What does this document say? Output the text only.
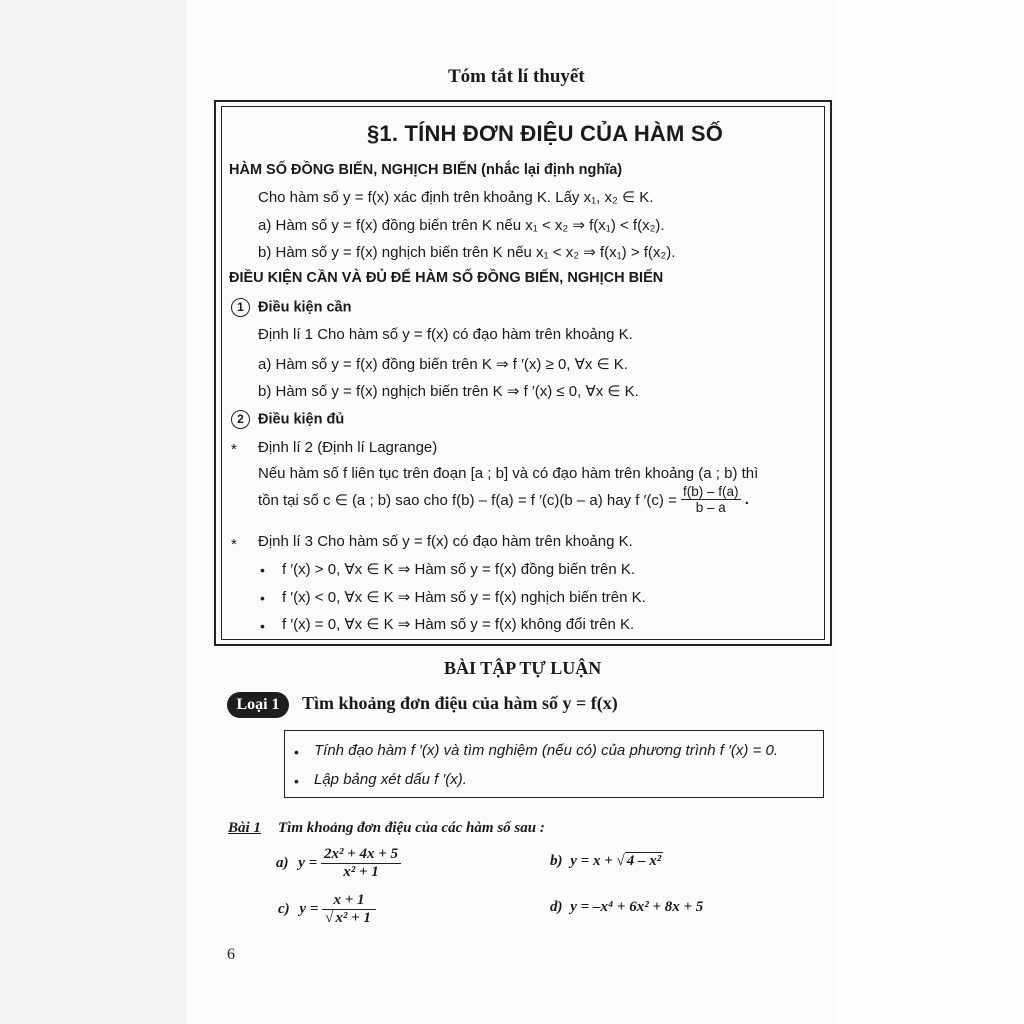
Tóm tắt lí thuyết
§1. TÍNH ĐƠN ĐIỆU CỦA HÀM SỐ
HÀM SỐ ĐỒNG BIẾN, NGHỊCH BIẾN (nhắc lại định nghĩa)
Cho hàm số y = f(x) xác định trên khoảng K. Lấy x₁, x₂ ∈ K.
a) Hàm số y = f(x) đồng biến trên K nếu x₁ < x₂ ⇒ f(x₁) < f(x₂).
b) Hàm số y = f(x) nghịch biến trên K nếu x₁ < x₂ ⇒ f(x₁) > f(x₂).
ĐIỀU KIỆN CẦN VÀ ĐỦ ĐỂ HÀM SỐ ĐỒNG BIẾN, NGHỊCH BIẾN
1 Điều kiện cần
Định lí 1 Cho hàm số y = f(x) có đạo hàm trên khoảng K.
a) Hàm số y = f(x) đồng biến trên K ⇒ f ′(x) ≥ 0, ∀x ∈ K.
b) Hàm số y = f(x) nghịch biến trên K ⇒ f ′(x) ≤ 0, ∀x ∈ K.
2 Điều kiện đủ
* Định lí 2 (Định lí Lagrange)
Nếu hàm số f liên tục trên đoạn [a ; b] và có đạo hàm trên khoảng (a ; b) thì
tồn tại số c ∈ (a ; b) sao cho f(b) – f(a) = f ′(c)(b – a) hay f $'(c) = \frac{f(b) - f(a)}{b - a}$ .
* Định lí 3 Cho hàm số y = f(x) có đạo hàm trên khoảng K.
• f ′(x) > 0, ∀x ∈ K ⇒ Hàm số y = f(x) đồng biến trên K.
• f ′(x) < 0, ∀x ∈ K ⇒ Hàm số y = f(x) nghịch biến trên K.
• f ′(x) = 0, ∀x ∈ K ⇒ Hàm số y = f(x) không đổi trên K.
BÀI TẬP TỰ LUẬN
Loại 1	Tìm khoảng đơn điệu của hàm số y = f(x)
• Tính đạo hàm f ′(x) và tìm nghiệm (nếu có) của phương trình f ′(x) = 0.
• Lập bảng xét dấu f ′(x).
Bài 1 Tìm khoảng đơn điệu của các hàm số sau :
a) $y = \frac{\text{2x² + 4x + 5}}{\text{x² + 1}}$	b) y = x + √ 4 – x²
c) $y = \frac{x + 1}{\text{√ x² + 1}}$	d) y = –x⁴ + 6x² + 8x + 5
6
